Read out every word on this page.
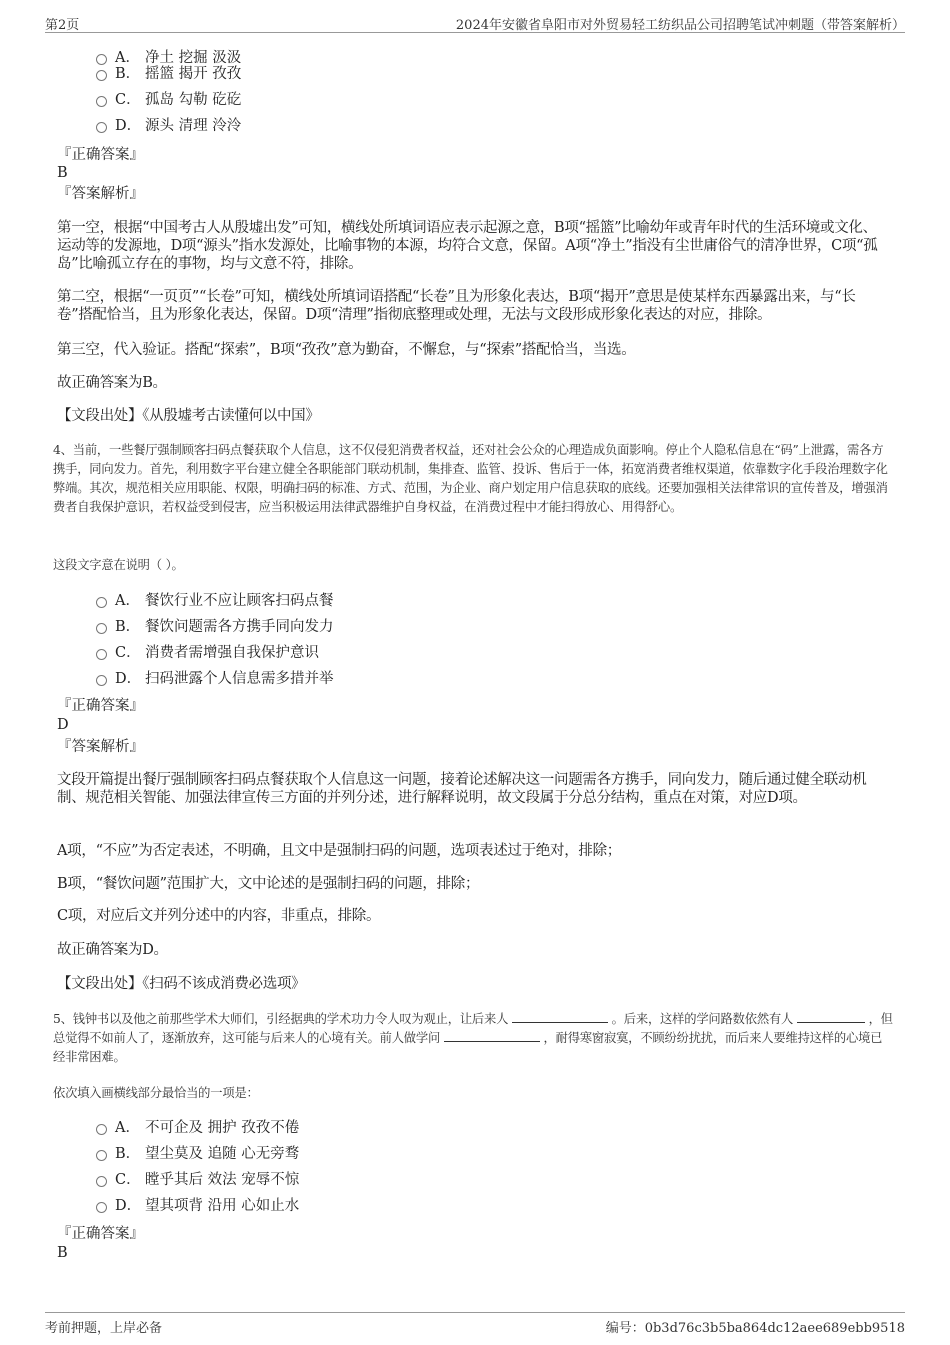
第2页	2024年安徽省阜阳市对外贸易轻工纺织品公司招聘笔试冲刺题（带答案解析）
A． 净土 挖掘 汲汲
B． 摇篮 揭开 孜孜
C． 孤岛 勾勒 矻矻
D． 源头 清理 泠泠
『正确答案』
B
『答案解析』
第一空，根据“中国考古人从殷墟出发”可知，横线处所填词语应表示起源之意，B项“摇篮”比喻幼年或青年时代的生活环境或文化、运动等的发源地，D项“源头”指水发源处，比喻事物的本源，均符合文意，保留。A项“净土”指没有尘世庸俗气的清净世界，C项“孤岛”比喻孤立存在的事物，均与文意不符，排除。
第二空，根据“一页页”“长卷”可知，横线处所填词语搭配“长卷”且为形象化表达，B项“揭开”意思是使某样东西暴露出来，与“长卷”搭配恰当，且为形象化表达，保留。D项“清理”指彻底整理或处理，无法与文段形成形象化表达的对应，排除。
第三空，代入验证。搭配“探索”，B项“孜孜”意为勤奋，不懈怠，与“探索”搭配恰当，当选。
故正确答案为B。
【文段出处】《从殷墟考古读懂何以中国》
4、当前，一些餐厅强制顾客扫码点餐获取个人信息，这不仅侵犯消费者权益，还对社会公众的心理造成负面影响。停止个人隐私信息在“码”上泄露，需各方携手，同向发力。首先，利用数字平台建立健全各职能部门联动机制，集排查、监管、投诉、售后于一体，拓宽消费者维权渠道，依靠数字化手段治理数字化弊端。其次，规范相关应用职能、权限，明确扫码的标准、方式、范围，为企业、商户划定用户信息获取的底线。还要加强相关法律常识的宣传普及，增强消费者自我保护意识，若权益受到侵害，应当积极运用法律武器维护自身权益，在消费过程中才能扫得放心、用得舒心。
这段文字意在说明（ ）。
A． 餐饮行业不应让顾客扫码点餐
B． 餐饮问题需各方携手同向发力
C． 消费者需增强自我保护意识
D． 扫码泄露个人信息需多措并举
『正确答案』
D
『答案解析』
文段开篇提出餐厅强制顾客扫码点餐获取个人信息这一问题，接着论述解决这一问题需各方携手，同向发力，随后通过健全联动机制、规范相关智能、加强法律宣传三方面的并列分述，进行解释说明，故文段属于分总分结构，重点在对策，对应D项。
A项，“不应”为否定表述，不明确，且文中是强制扫码的问题，选项表述过于绝对，排除；
B项，“餐饮问题”范围扩大，文中论述的是强制扫码的问题，排除；
C项，对应后文并列分述中的内容，非重点，排除。
故正确答案为D。
【文段出处】《扫码不该成消费必选项》
5、钱钟书以及他之前那些学术大师们，引经据典的学术功力令人叹为观止，让后来人	。后来，这样的学问路数依然有人	，但总觉得不如前人了，逐渐放弃，这可能与后来人的心境有关。前人做学问	，耐得寒窗寂寞，不顾纷纷扰扰，而后来人要维持这样的心境已经非常困难。
依次填入画横线部分最恰当的一项是：
A． 不可企及 拥护 孜孜不倦
B． 望尘莫及 追随 心无旁骛
C． 瞠乎其后 效法 宠辱不惊
D． 望其项背 沿用 心如止水
『正确答案』
B
考前押题，上岸必备	编号：0b3d76c3b5ba864dc12aee689ebb9518
